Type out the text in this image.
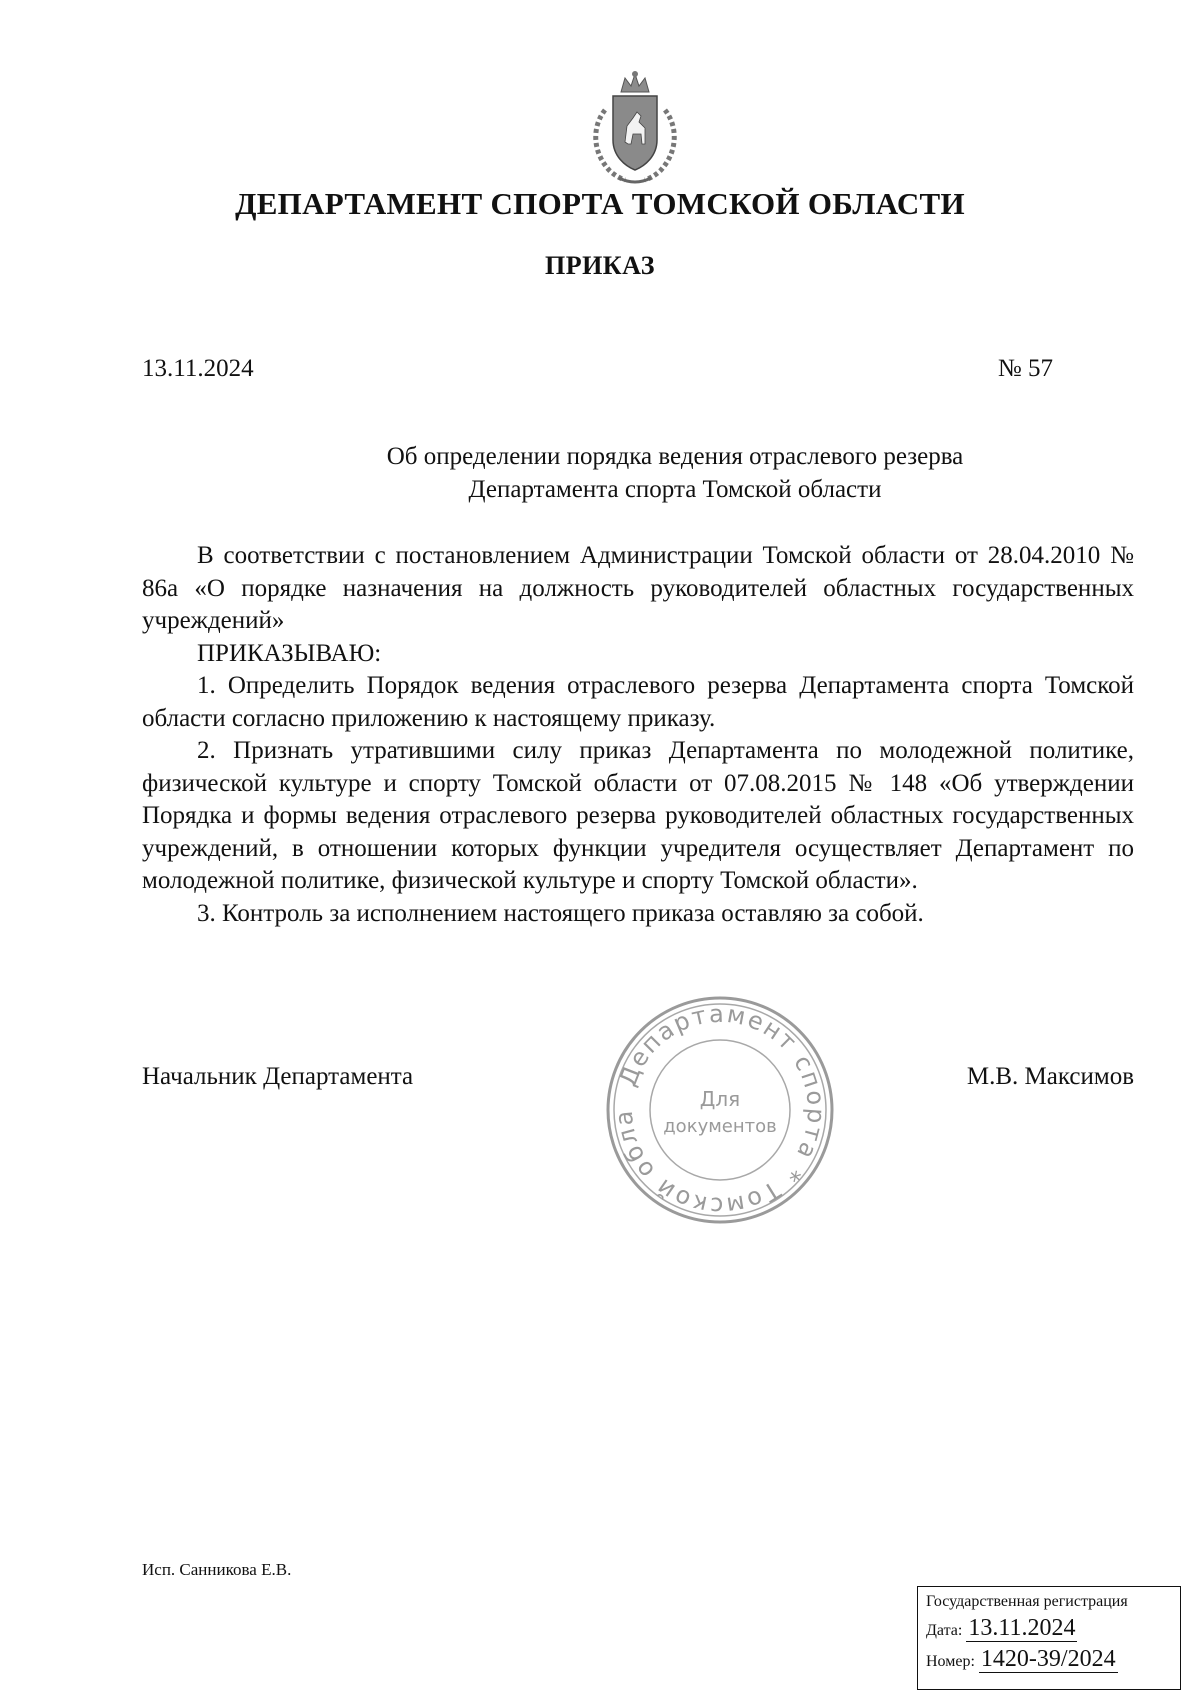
ДЕПАРТАМЕНТ СПОРТА ТОМСКОЙ ОБЛАСТИ
ПРИКАЗ
13.11.2024	№ 57
Об определении порядка ведения отраслевого резерва
Департамента спорта Томской области

В соответствии с постановлением Администрации Томской области от 28.04.2010 № 86а «О порядке назначения на должность руководителей областных государственных учреждений»

ПРИКАЗЫВАЮ:

1. Определить Порядок ведения отраслевого резерва Департамента спорта Томской области согласно приложению к настоящему приказу.

2. Признать утратившими силу приказ Департамента по молодежной политике, физической культуре и спорту Томской области от 07.08.2015 № 148 «Об утверждении Порядка и формы ведения отраслевого резерва руководителей областных государственных учреждений, в отношении которых функции учредителя осуществляет Департамент по молодежной политике, физической культуре и спорту Томской области».

3. Контроль за исполнением настоящего приказа оставляю за собой.

Начальник Департамента	М.В. Максимов
Департамент спорта * Томской обла
Для
документов
Исп. Санникова Е.В.
Государственная регистрация
Дата: 13.11.2024
Номер: 1420-39/2024
